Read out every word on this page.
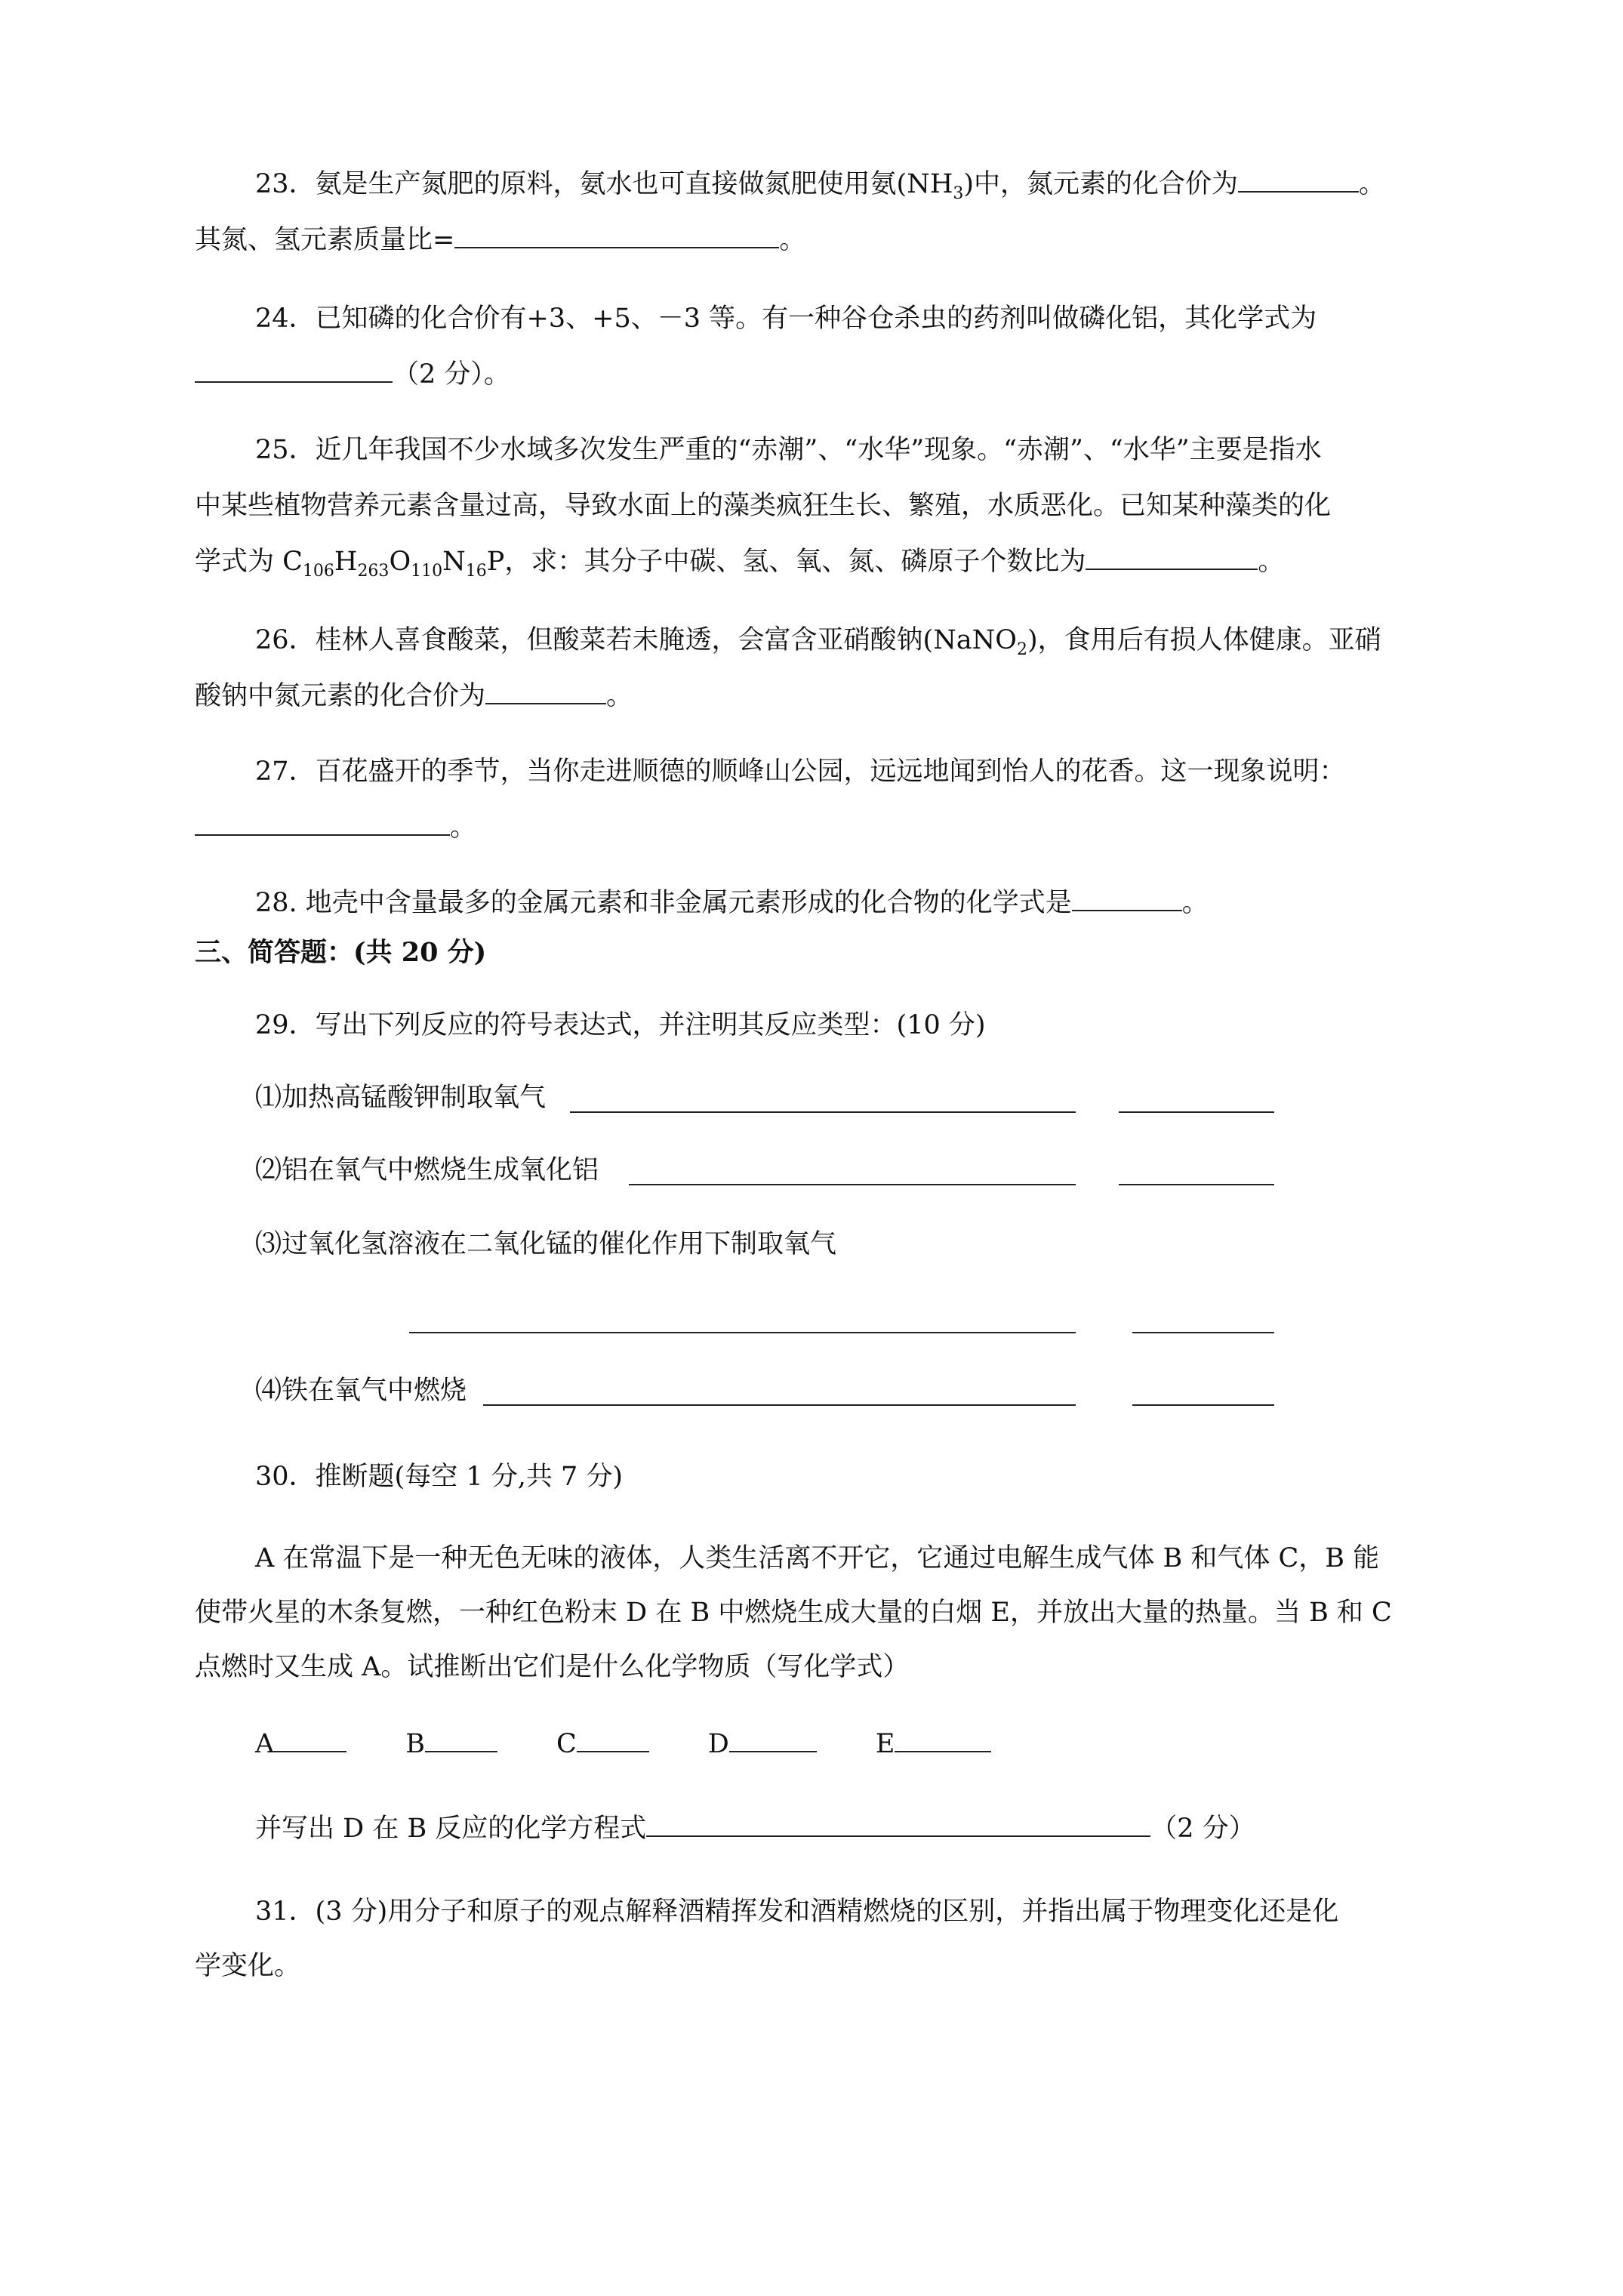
23．氨是生产氮肥的原料，氨水也可直接做氮肥使用氨$(NH_3)$中，氮元素的化合价为	。
其氮、氢元素质量比=	。
24．已知磷的化合价有+3、+5、－3 等。有一种谷仓杀虫的药剂叫做磷化铝，其化学式为
（2 分）。
25．近几年我国不少水域多次发生严重的“赤潮”、“水华”现象。“赤潮”、“水华”主要是指水
中某些植物营养元素含量过高，导致水面上的藻类疯狂生长、繁殖，水质恶化。已知某种藻类的化
学式为 $C_{106}H_{263}O_{110}N_{16}P$，求：其分子中碳、氢、氧、氮、磷原子个数比为	。
26．桂林人喜食酸菜，但酸菜若未腌透，会富含亚硝酸钠(NaNO$_2$)，食用后有损人体健康。亚硝
酸钠中氮元素的化合价为	。
27．百花盛开的季节，当你走进顺德的顺峰山公园，远远地闻到怡人的花香。这一现象说明：
。
28. 地壳中含量最多的金属元素和非金属元素形成的化合物的化学式是	。
三、简答题：(共 20 分)
29．写出下列反应的符号表达式，并注明其反应类型：(10 分)
⑴加热高锰酸钾制取氧气
⑵铝在氧气中燃烧生成氧化铝
⑶过氧化氢溶液在二氧化锰的催化作用下制取氧气
⑷铁在氧气中燃烧
30．推断题(每空 1 分,共 7 分)
A 在常温下是一种无色无味的液体，人类生活离不开它，它通过电解生成气体 B 和气体 C，B 能
使带火星的木条复燃，一种红色粉末 D 在 B 中燃烧生成大量的白烟 E，并放出大量的热量。当 B 和 C
点燃时又生成 A。试推断出它们是什么化学物质（写化学式）
A	B	C	D	E
并写出 D 在 B 反应的化学方程式	（2 分）
31．(3 分)用分子和原子的观点解释酒精挥发和酒精燃烧的区别，并指出属于物理变化还是化
学变化。
